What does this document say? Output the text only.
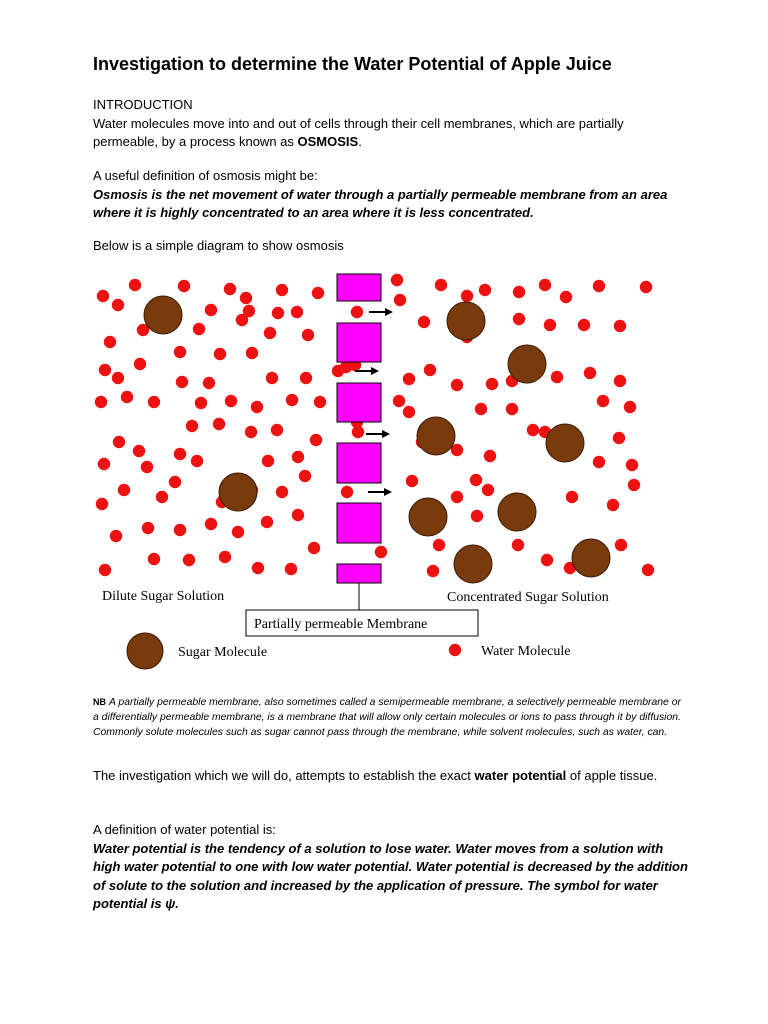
Investigation to determine the Water Potential of Apple Juice
INTRODUCTION
Water molecules move into and out of cells through their cell membranes, which are partially permeable, by a process known as OSMOSIS.
A useful definition of osmosis might be:
Osmosis is the net movement of water through a partially permeable membrane from an area where it is highly concentrated to an area where it is less concentrated.
Below is a simple diagram to show osmosis
Dilute Sugar Solution	Concentrated Sugar Solution
Partially permeable Membrane
Sugar Molecule	Water Molecule
NB A partially permeable membrane, also sometimes called a semipermeable membrane, a selectively permeable membrane or a differentially permeable membrane, is a membrane that will allow only certain molecules or ions to pass through it by diffusion. Commonly solute molecules such as sugar cannot pass through the membrane, while solvent molecules, such as water, can.
The investigation which we will do, attempts to establish the exact water potential of apple tissue.
A definition of water potential is:
Water potential is the tendency of a solution to lose water. Water moves from a solution with high water potential to one with low water potential. Water potential is decreased by the addition of solute to the solution and increased by the application of pressure. The symbol for water potential is ψ.
